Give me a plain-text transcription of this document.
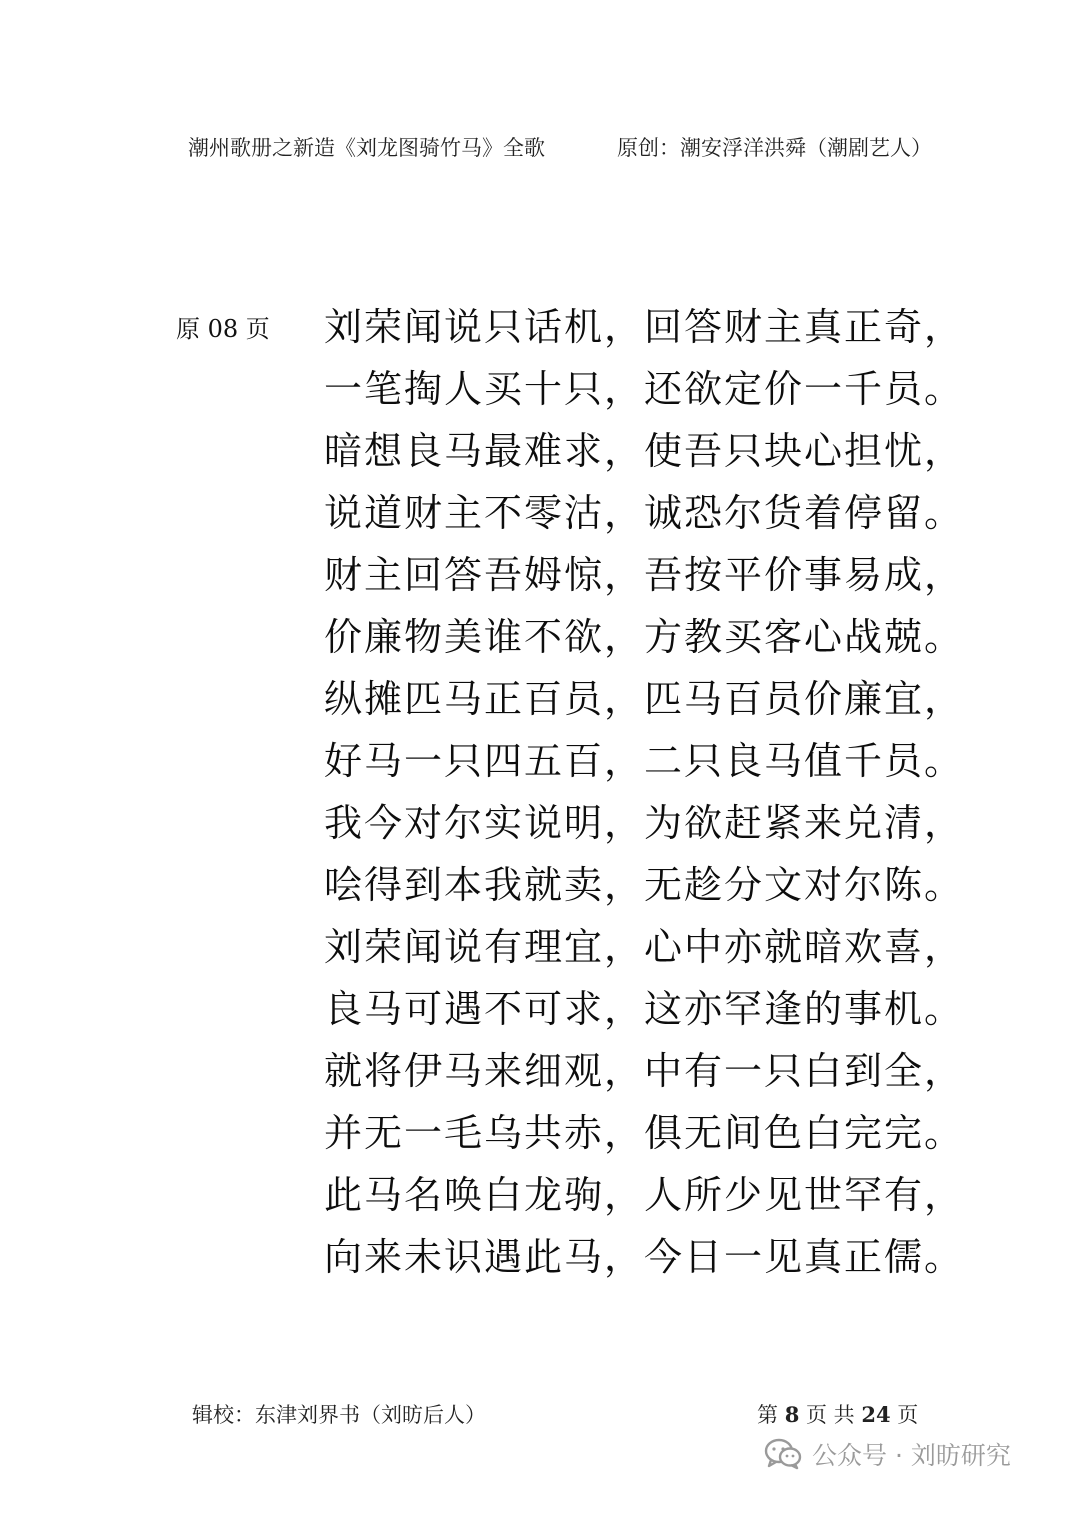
潮州歌册之新造《刘龙图骑竹马》全歌	原创：潮安浮洋洪舜（潮剧艺人）
原 08 页 刘荣闻说只话机，回答财主真正奇，
一笔掏人买十只，还欲定价一千员。
暗想良马最难求，使吾只块心担忧，
说道财主不零沽，诚恐尔货着停留。
财主回答吾姆惊，吾按平价事易成，
价廉物美谁不欲，方教买客心战兢。
纵摊匹马正百员，匹马百员价廉宜，
好马一只四五百，二只良马值千员。
我今对尔实说明，为欲赶紧来兑清，
哙得到本我就卖，无趁分文对尔陈。
刘荣闻说有理宜，心中亦就暗欢喜，
良马可遇不可求，这亦罕逢的事机。
就将伊马来细观，中有一只白到全，
并无一毛乌共赤，俱无间色白完完。
此马名唤白龙驹，人所少见世罕有，
向来未识遇此马，今日一见真正儒。
辑校：东津刘界书（刘昉后人）	第 8 页 共 24 页
公众号 · 刘昉研究
